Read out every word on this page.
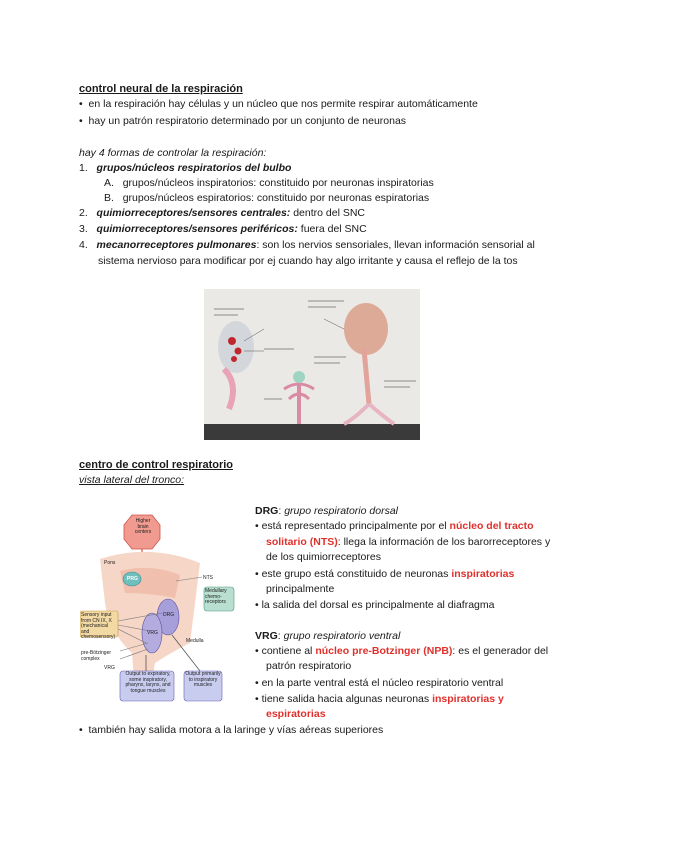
control neural de la respiración
•  en la respiración hay células y un núcleo que nos permite respirar automáticamente
•  hay un patrón respiratorio determinado por un conjunto de neuronas
hay 4 formas de controlar la respiración:
1. grupos/núcleos respiratorios del bulbo
A. grupos/núcleos inspiratorios: constituido por neuronas inspiratorias
B. grupos/núcleos espiratorios: constituido por neuronas espiratorias
2. quimiorreceptores/sensores centrales: dentro del SNC
3. quimiorreceptores/sensores periféricos: fuera del SNC
4. mecanorreceptores pulmonares: son los nervios sensoriales, llevan información sensorial al
sistema nervioso para modificar por ej cuando hay algo irritante y causa el reflejo de la tos
centro de control respiratorio
vista lateral del tronco:
Higher brain centers
Pons
PRG	NTS
DRG
VRG
Medulla
Medullary chemo-receptors
Sensory input from CN IX, X (mechanical and chemosensory)
pre-Bötzinger complex
VRG
Output to expiratory, some inspiratory, pharynx, larynx, and tongue muscles
Output primarily to inspiratory muscles
DRG: grupo respiratorio dorsal
• está representado principalmente por el núcleo del tracto
solitario (NTS): llega la información de los barorreceptores y
de los quimiorreceptores
• este grupo está constituido de neuronas inspiratorias
principalmente
• la salida del dorsal es principalmente al diafragma
VRG: grupo respiratorio ventral
• contiene al núcleo pre-Botzinger (NPB): es el generador del
patrón respiratorio
• en la parte ventral está el núcleo respiratorio ventral
• tiene salida hacia algunas neuronas inspiratorias y
espiratorias
•  también hay salida motora a la laringe y vías aéreas superiores
